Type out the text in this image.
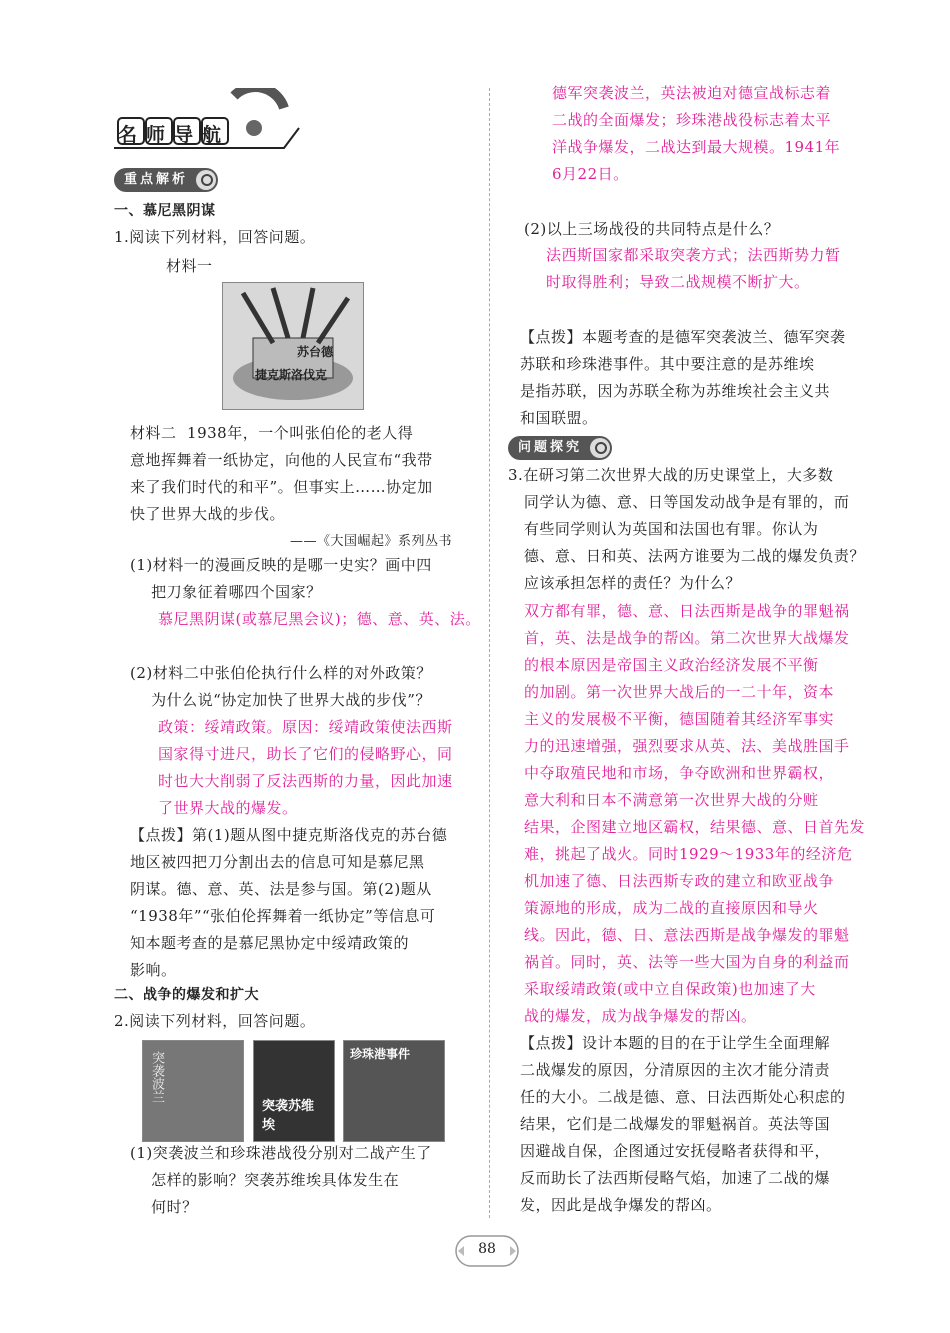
名师导航
重点解析
一、慕尼黑阴谋
1.阅读下列材料，回答问题。
材料一
苏台德
捷克斯洛伐克
材料二  1938年，一个叫张伯伦的老人得
意地挥舞着一纸协定，向他的人民宣布“我带
来了我们时代的和平”。但事实上……协定加
快了世界大战的步伐。
——《大国崛起》系列丛书
(1)材料一的漫画反映的是哪一史实？画中四
把刀象征着哪四个国家？
慕尼黑阴谋(或慕尼黑会议)；德、意、英、法。
(2)材料二中张伯伦执行什么样的对外政策？
为什么说“协定加快了世界大战的步伐”？
政策：绥靖政策。原因：绥靖政策使法西斯
国家得寸进尺，助长了它们的侵略野心，同
时也大大削弱了反法西斯的力量，因此加速
了世界大战的爆发。
【点拨】第(1)题从图中捷克斯洛伐克的苏台德
地区被四把刀分割出去的信息可知是慕尼黑
阴谋。德、意、英、法是参与国。第(2)题从
“1938年”“张伯伦挥舞着一纸协定”等信息可
知本题考查的是慕尼黑协定中绥靖政策的
影响。
二、战争的爆发和扩大
2.阅读下列材料，回答问题。
突袭波兰
突袭苏维埃
珍珠港事件
(1)突袭波兰和珍珠港战役分别对二战产生了
怎样的影响？突袭苏维埃具体发生在
何时？
德军突袭波兰，英法被迫对德宣战标志着
二战的全面爆发；珍珠港战役标志着太平
洋战争爆发，二战达到最大规模。1941年
6月22日。
(2)以上三场战役的共同特点是什么？
法西斯国家都采取突袭方式；法西斯势力暂
时取得胜利；导致二战规模不断扩大。
【点拨】本题考查的是德军突袭波兰、德军突袭
苏联和珍珠港事件。其中要注意的是苏维埃
是指苏联，因为苏联全称为苏维埃社会主义共
和国联盟。
问题探究
3.在研习第二次世界大战的历史课堂上，大多数
同学认为德、意、日等国发动战争是有罪的，而
有些同学则认为英国和法国也有罪。你认为
德、意、日和英、法两方谁要为二战的爆发负责？
应该承担怎样的责任？为什么？
双方都有罪，德、意、日法西斯是战争的罪魁祸
首，英、法是战争的帮凶。第二次世界大战爆发
的根本原因是帝国主义政治经济发展不平衡
的加剧。第一次世界大战后的一二十年，资本
主义的发展极不平衡，德国随着其经济军事实
力的迅速增强，强烈要求从英、法、美战胜国手
中夺取殖民地和市场，争夺欧洲和世界霸权，
意大利和日本不满意第一次世界大战的分赃
结果，企图建立地区霸权，结果德、意、日首先发
难，挑起了战火。同时1929～1933年的经济危
机加速了德、日法西斯专政的建立和欧亚战争
策源地的形成，成为二战的直接原因和导火
线。因此，德、日、意法西斯是战争爆发的罪魁
祸首。同时，英、法等一些大国为自身的利益而
采取绥靖政策(或中立自保政策)也加速了大
战的爆发，成为战争爆发的帮凶。
【点拨】设计本题的目的在于让学生全面理解
二战爆发的原因，分清原因的主次才能分清责
任的大小。二战是德、意、日法西斯处心积虑的
结果，它们是二战爆发的罪魁祸首。英法等国
因避战自保，企图通过安抚侵略者获得和平，
反而助长了法西斯侵略气焰，加速了二战的爆
发，因此是战争爆发的帮凶。
88
